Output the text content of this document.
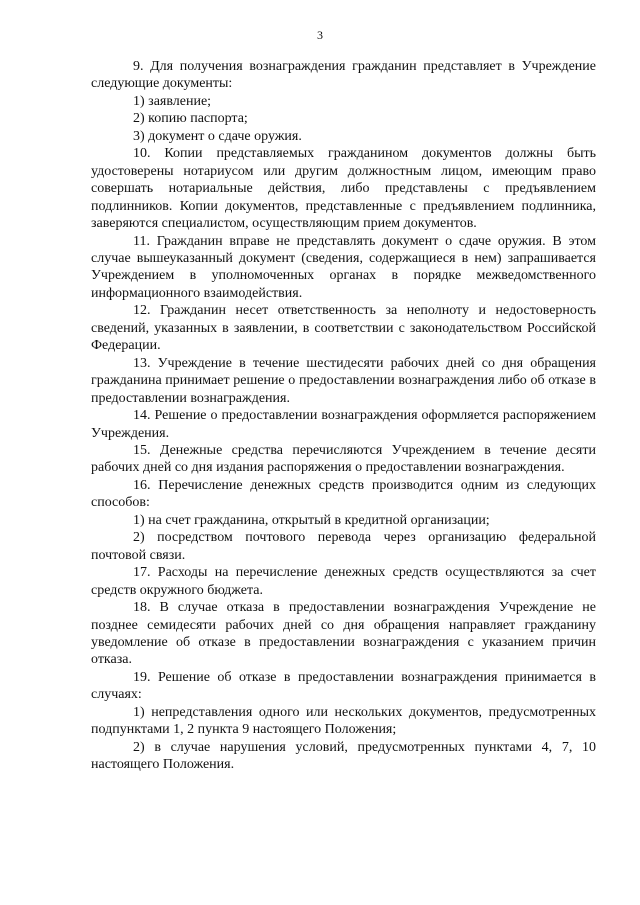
3

9. Для получения вознаграждения гражданин представляет в Учреждение следующие документы:

1) заявление;

2) копию паспорта;

3) документ о сдаче оружия.

10. Копии представляемых гражданином документов должны быть удостоверены нотариусом или другим должностным лицом, имеющим право совершать нотариальные действия, либо представлены с предъявлением подлинников. Копии документов, представленные с предъявлением подлинника, заверяются специалистом, осуществляющим прием документов.

11. Гражданин вправе не представлять документ о сдаче оружия. В этом случае вышеуказанный документ (сведения, содержащиеся в нем) запрашивается Учреждением в уполномоченных органах в порядке межведомственного информационного взаимодействия.

12. Гражданин несет ответственность за неполноту и недостоверность сведений, указанных в заявлении, в соответствии с законодательством Российской Федерации.

13. Учреждение в течение шестидесяти рабочих дней со дня обращения гражданина принимает решение о предоставлении вознаграждения либо об отказе в предоставлении вознаграждения.

14. Решение о предоставлении вознаграждения оформляется распоряжением Учреждения.

15. Денежные средства перечисляются Учреждением в течение десяти рабочих дней со дня издания распоряжения о предоставлении вознаграждения.

16. Перечисление денежных средств производится одним из следующих способов:

1) на счет гражданина, открытый в кредитной организации;

2) посредством почтового перевода через организацию федеральной почтовой связи.

17. Расходы на перечисление денежных средств осуществляются за счет средств окружного бюджета.

18. В случае отказа в предоставлении вознаграждения Учреждение не позднее семидесяти рабочих дней со дня обращения направляет гражданину уведомление об отказе в предоставлении вознаграждения с указанием причин отказа.

19. Решение об отказе в предоставлении вознаграждения принимается в случаях:

1) непредставления одного или нескольких документов, предусмотренных подпунктами 1, 2 пункта 9 настоящего Положения;

2) в случае нарушения условий, предусмотренных пунктами 4, 7, 10 настоящего Положения.
